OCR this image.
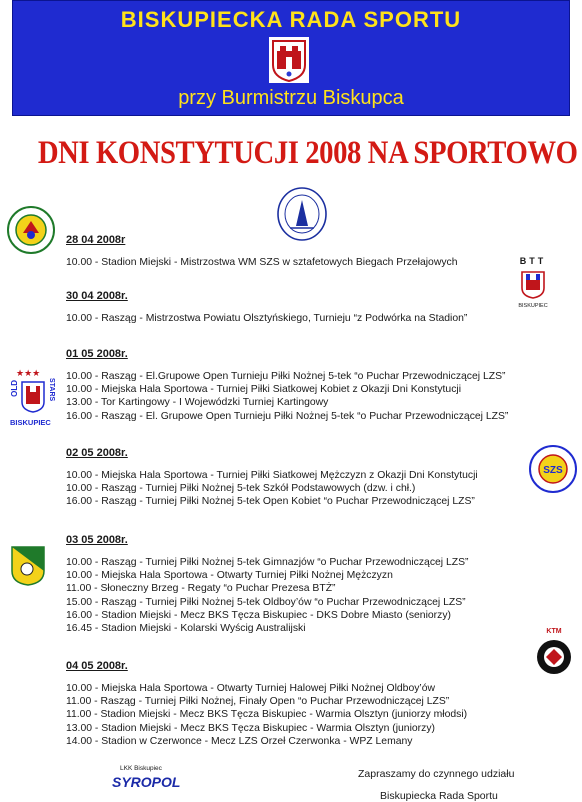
BISKUPIECKA RADA SPORTU
przy Burmistrzu Biskupca
DNI KONSTYTUCJI 2008 NA SPORTOWO
BTT
BISKUPIEC
★★★
OLD	STARS
BISKUPIEC
SZS
KTM
28 04 2008r
10.00 - Stadion Miejski - Mistrzostwa WM SZS w sztafetowych Biegach Przełajowych
30 04 2008r.
10.00 - Rasząg - Mistrzostwa Powiatu Olsztyńskiego, Turnieju “z Podwórka na Stadion”
01 05 2008r.
10.00 - Rasząg - El.Grupowe Open Turnieju Piłki Nożnej 5-tek “o Puchar Przewodniczącej LZS”
10.00 - Miejska Hala Sportowa - Turniej Piłki Siatkowej Kobiet z Okazji Dni Konstytucji
13.00 - Tor Kartingowy - I Wojewódzki Turniej Kartingowy
16.00 - Rasząg - El. Grupowe Open Turnieju Piłki Nożnej 5-tek “o Puchar Przewodniczącej LZS”
02 05 2008r.
10.00 - Miejska Hala Sportowa - Turniej Piłki Siatkowej Mężczyzn z Okazji Dni Konstytucji
10.00 - Rasząg - Turniej Piłki Nożnej 5-tek Szkół Podstawowych (dzw. i chł.)
16.00 - Rasząg - Turniej Piłki Nożnej 5-tek Open Kobiet “o Puchar Przewodniczącej LZS”
03 05 2008r.
10.00 - Rasząg - Turniej Piłki Nożnej 5-tek Gimnazjów “o Puchar Przewodniczącej LZS”
10.00 - Miejska Hala Sportowa - Otwarty Turniej Piłki Nożnej Mężczyzn
11.00 - Słoneczny Brzeg - Regaty “o Puchar Prezesa BTŻ”
15.00 - Rasząg - Turniej Piłki Nożnej 5-tek Oldboy’ów “o Puchar Przewodniczącej LZS”
16.00 - Stadion Miejski - Mecz BKS Tęcza Biskupiec - DKS Dobre Miasto (seniorzy)
16.45 - Stadion Miejski - Kolarski Wyścig Australijski
04 05 2008r.
10.00 - Miejska Hala Sportowa - Otwarty Turniej Halowej Piłki Nożnej Oldboy’ów
11.00 - Rasząg - Turniej Piłki Nożnej, Finały Open “o Puchar Przewodniczącej LZS”
11.00 - Stadion Miejski - Mecz BKS Tęcza Biskupiec - Warmia Olsztyn (juniorzy młodsi)
13.00 - Stadion Miejski - Mecz BKS Tęcza Biskupiec - Warmia Olsztyn (juniorzy)
14.00 - Stadion w Czerwonce - Mecz LZS Orzeł Czerwonka - WPZ Lemany
LKK Biskupiec
SYROPOL	Zapraszamy do czynnego udziału
Biskupiecka Rada Sportu
